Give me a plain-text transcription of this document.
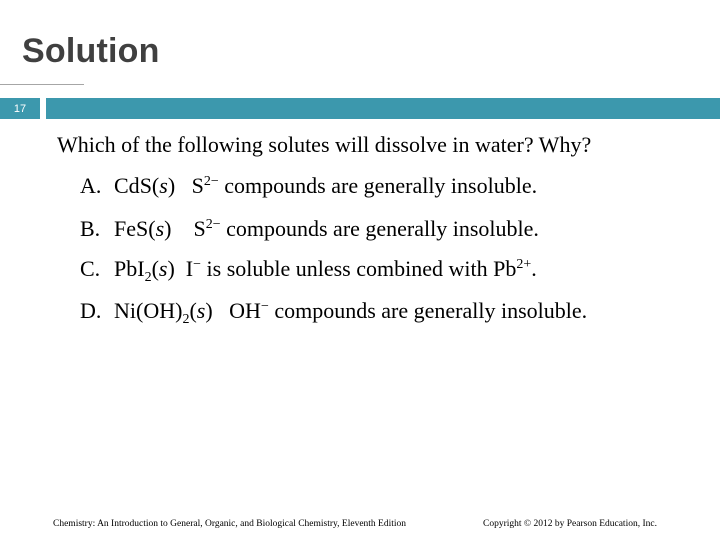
Solution
17
Which of the following solutes will dissolve in water? Why?
A. CdS(s) $S^{2-}$ compounds are generally insoluble.
B. FeS(s) $S^{2-}$ compounds are generally insoluble.
C. PbI$_2$(s) I− is soluble unless combined with $Pb^{2+}$.
D. $Ni(OH)_2(s)$ OH− compounds are generally insoluble.
Chemistry: An Introduction to General, Organic, and Biological Chemistry, Eleventh Edition	Copyright © 2012 by Pearson Education, Inc.
